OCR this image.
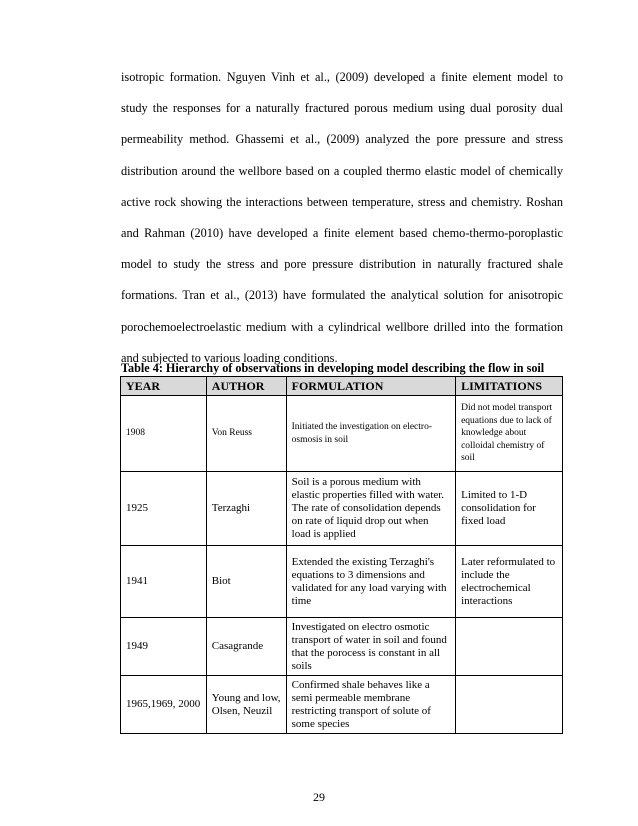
isotropic formation. Nguyen Vinh et al., (2009) developed a finite element model to
study the responses for a naturally fractured porous medium using dual porosity dual
permeability method. Ghassemi et al., (2009) analyzed the pore pressure and stress
distribution around the wellbore based on a coupled thermo elastic model of chemically
active rock showing the interactions between temperature, stress and chemistry. Roshan
and Rahman (2010) have developed a finite element based chemo-thermo-poroplastic
model to study the stress and pore pressure distribution in naturally fractured shale
formations. Tran et al., (2013) have formulated the analytical solution for anisotropic
porochemoelectroelastic medium with a cylindrical wellbore drilled into the formation
and subjected to various loading conditions.
Table 4: Hierarchy of observations in developing model describing the flow in soil
YEAR	AUTHOR	FORMULATION	LIMITATIONS
1908	Von Reuss	Initiated the investigation on electro-osmosis in soil	Did not model transport equations due to lack of knowledge about colloidal chemistry of soil
1925	Terzaghi	Soil is a porous medium with elastic properties filled with water. The rate of consolidation depends on rate of liquid drop out when load is applied	Limited to 1-D consolidation for fixed load
1941	Biot	Extended the existing Terzaghi's equations to 3 dimensions and validated for any load varying with time	Later reformulated to include the electrochemical interactions
1949	Casagrande	Investigated on electro osmotic transport of water in soil and found that the porocess is constant in all soils	
1965,1969, 2000	Young and low, Olsen, Neuzil	Confirmed shale behaves like a semi permeable membrane restricting transport of solute of some species	
29
